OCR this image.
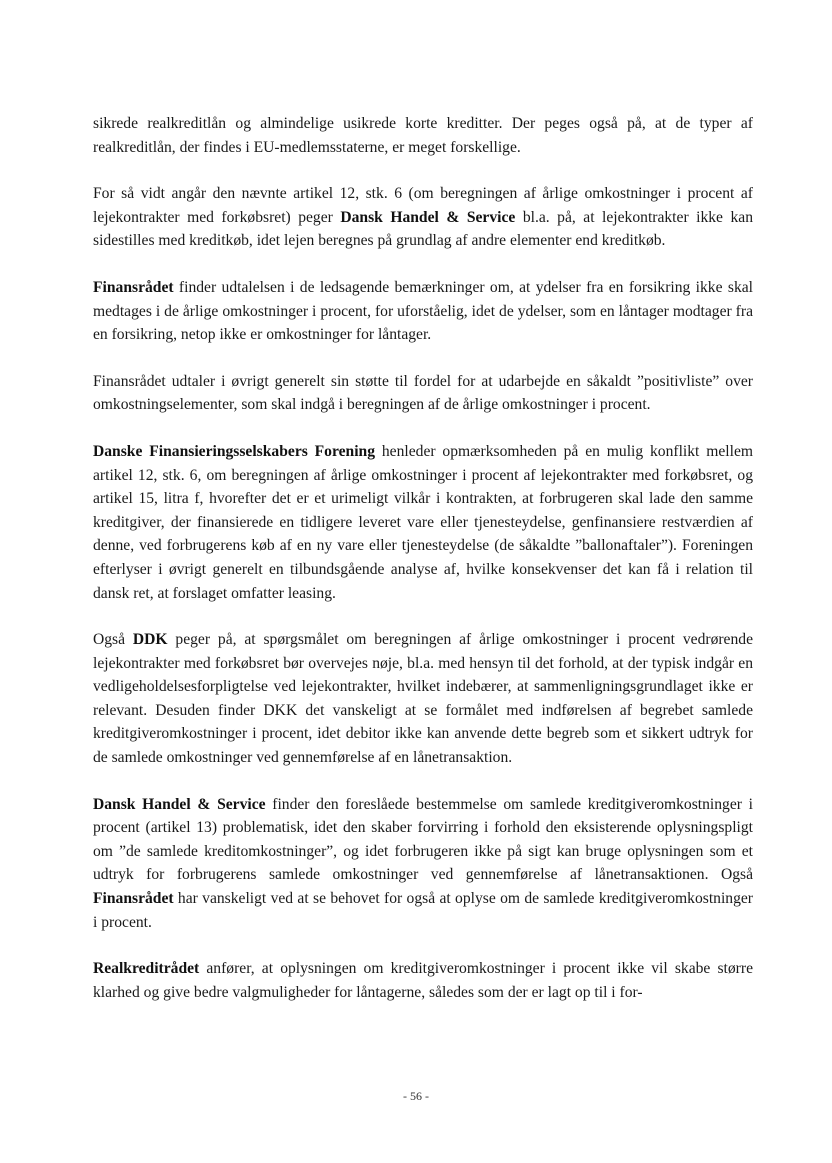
sikrede realkreditlån og almindelige usikrede korte kreditter. Der peges også på, at de typer af realkreditlån, der findes i EU-medlemsstaterne, er meget forskellige.

For så vidt angår den nævnte artikel 12, stk. 6 (om beregningen af årlige omkostninger i procent af lejekontrakter med forkøbsret) peger Dansk Handel & Service bl.a. på, at lejekontrakter ikke kan sidestilles med kreditkøb, idet lejen beregnes på grundlag af andre elementer end kreditkøb.

Finansrådet finder udtalelsen i de ledsagende bemærkninger om, at ydelser fra en forsikring ikke skal medtages i de årlige omkostninger i procent, for uforståelig, idet de ydelser, som en låntager modtager fra en forsikring, netop ikke er omkostninger for låntager.

Finansrådet udtaler i øvrigt generelt sin støtte til fordel for at udarbejde en såkaldt ”positivliste” over omkostningselementer, som skal indgå i beregningen af de årlige omkostninger i procent.

Danske Finansieringsselskabers Forening henleder opmærksomheden på en mulig konflikt mellem artikel 12, stk. 6, om beregningen af årlige omkostninger i procent af lejekontrakter med forkøbsret, og artikel 15, litra f, hvorefter det er et urimeligt vilkår i kontrakten, at forbrugeren skal lade den samme kreditgiver, der finansierede en tidligere leveret vare eller tjenesteydelse, genfinansiere restværdien af denne, ved forbrugerens køb af en ny vare eller tjenesteydelse (de såkaldte ”ballonaftaler”). Foreningen efterlyser i øvrigt generelt en tilbundsgående analyse af, hvilke konsekvenser det kan få i relation til dansk ret, at forslaget omfatter leasing.

Også DDK peger på, at spørgsmålet om beregningen af årlige omkostninger i procent vedrørende lejekontrakter med forkøbsret bør overvejes nøje, bl.a. med hensyn til det forhold, at der typisk indgår en vedligeholdelsesforpligtelse ved lejekontrakter, hvilket indebærer, at sammenligningsgrundlaget ikke er relevant. Desuden finder DKK det vanskeligt at se formålet med indførelsen af begrebet samlede kreditgiveromkostninger i procent, idet debitor ikke kan anvende dette begreb som et sikkert udtryk for de samlede omkostninger ved gennemførelse af en lånetransaktion.

Dansk Handel & Service finder den foreslåede bestemmelse om samlede kreditgiveromkostninger i procent (artikel 13) problematisk, idet den skaber forvirring i forhold den eksisterende oplysningspligt om ”de samlede kreditomkostninger”, og idet forbrugeren ikke på sigt kan bruge oplysningen som et udtryk for forbrugerens samlede omkostninger ved gennemførelse af lånetransaktionen. Også Finansrådet har vanskeligt ved at se behovet for også at oplyse om de samlede kreditgiveromkostninger i procent.

Realkreditrådet anfører, at oplysningen om kreditgiveromkostninger i procent ikke vil skabe større klarhed og give bedre valgmuligheder for låntagerne, således som der er lagt op til i for-

- 56 -
